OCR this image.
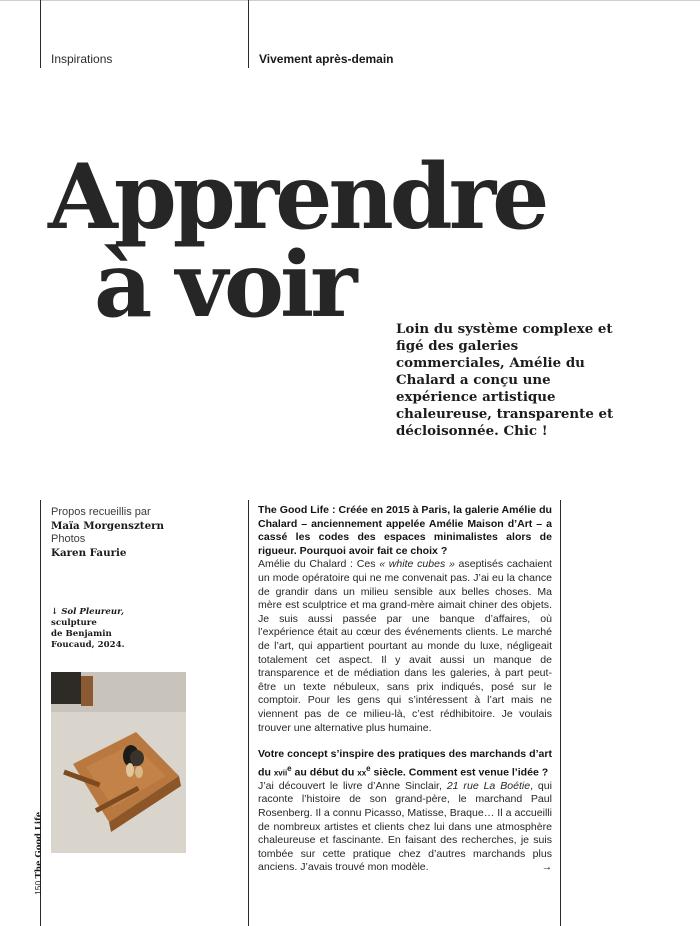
Inspirations	Vivement après-demain
Apprendre
à voir	Loin du système complexe et figé des galeries commerciales, Amélie du Chalard a conçu une expérience artistique chaleureuse, transparente et décloisonnée. Chic !

Propos recueillis par
Maïa Morgensztern
Photos
Karen Faurie
↓ Sol Pleureur,
sculpture
de Benjamin
Foucaud, 2024.
150 The Good Life

The Good Life : Créée en 2015 à Paris, la galerie Amélie du Chalard – anciennement appelée Amélie Maison d’Art – a cassé les codes des espaces minimalistes alors de rigueur. Pourquoi avoir fait ce choix ?

Amélie du Chalard : Ces « white cubes » aseptisés cachaient un mode opératoire qui ne me convenait pas. J’ai eu la chance de grandir dans un milieu sensible aux belles choses. Ma mère est sculptrice et ma grand-mère aimait chiner des objets. Je suis aussi passée par une banque d’affaires, où l’expérience était au cœur des événements clients. Le marché de l’art, qui appartient pourtant au monde du luxe, négligeait totalement cet aspect. Il y avait aussi un manque de transparence et de médiation dans les galeries, à part peut-être un texte nébuleux, sans prix indiqués, posé sur le comptoir. Pour les gens qui s’intéressent à l’art mais ne viennent pas de ce milieu-là, c’est rédhibitoire. Je voulais trouver une alternative plus humaine.

Votre concept s’inspire des pratiques des marchands d’art du xvii$^e$ au début du $xx^e$ siècle. Comment est venue l’idée ?

J’ai découvert le livre d’Anne Sinclair, 21 rue La Boétie, qui raconte l’histoire de son grand-père, le marchand Paul Rosenberg. Il a connu Picasso, Matisse, Braque… Il a accueilli de nombreux artistes et clients chez lui dans une atmosphère chaleureuse et fascinante. En faisant des recherches, je suis tombée sur cette pratique chez d’autres marchands plus anciens. J’avais trouvé mon modèle.	→
